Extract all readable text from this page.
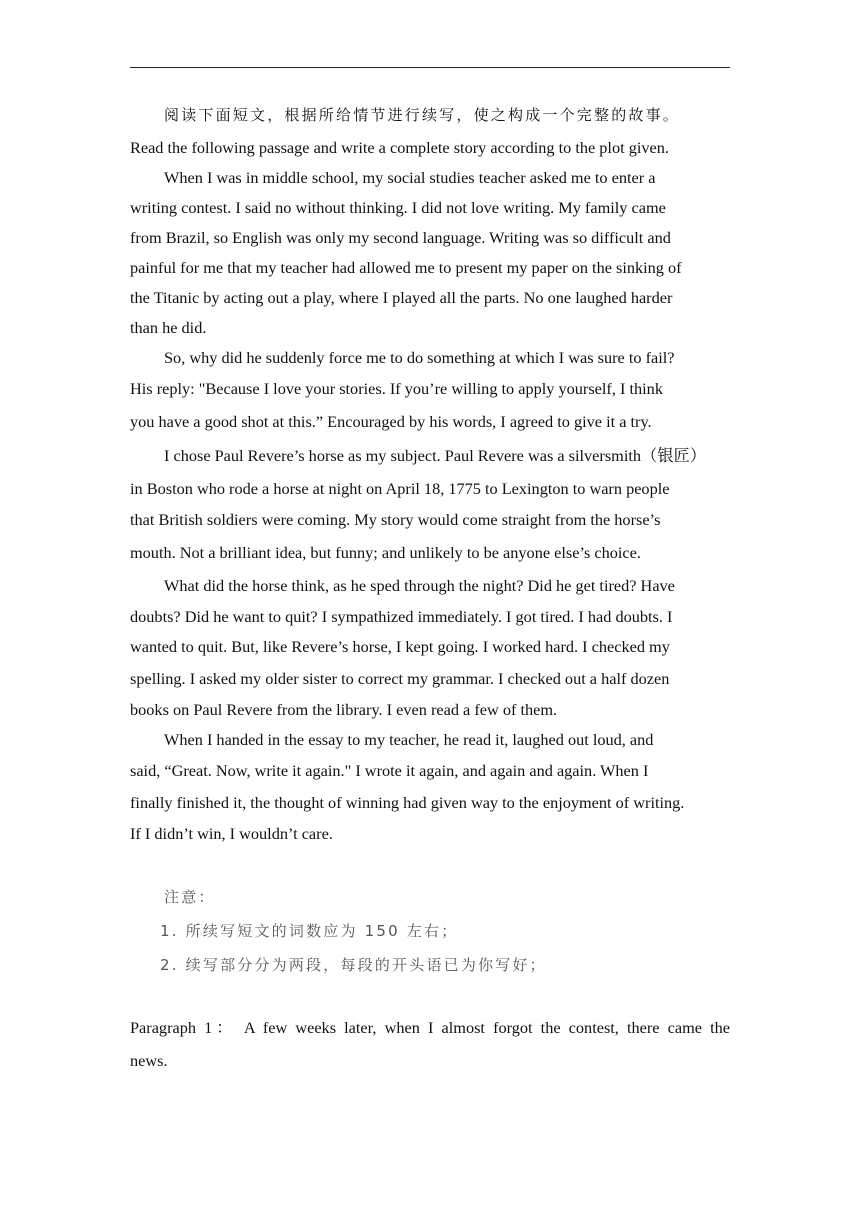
阅读下面短文，根据所给情节进行续写，使之构成一个完整的故事。
Read the following passage and write a complete story according to the plot given.
When I was in middle school, my social studies teacher asked me to enter a
writing contest. I said no without thinking. I did not love writing. My family came
from Brazil, so English was only my second language. Writing was so difficult and
painful for me that my teacher had allowed me to present my paper on the sinking of
the Titanic by acting out a play, where I played all the parts. No one laughed harder
than he did.
So, why did he suddenly force me to do something at which I was sure to fail?
His reply: "Because I love your stories. If you’re willing to apply yourself, I think
you have a good shot at this.” Encouraged by his words, I agreed to give it a try.
I chose Paul Revere’s horse as my subject. Paul Revere was a silversmith（银匠）
in Boston who rode a horse at night on April 18, 1775 to Lexington to warn people
that British soldiers were coming. My story would come straight from the horse’s
mouth. Not a brilliant idea, but funny; and unlikely to be anyone else’s choice.
What did the horse think, as he sped through the night? Did he get tired? Have
doubts? Did he want to quit? I sympathized immediately. I got tired. I had doubts. I
wanted to quit. But, like Revere’s horse, I kept going. I worked hard. I checked my
spelling. I asked my older sister to correct my grammar. I checked out a half dozen
books on Paul Revere from the library. I even read a few of them.
When I handed in the essay to my teacher, he read it, laughed out loud, and
said, “Great. Now, write it again." I wrote it again, and again and again. When I
finally finished it, the thought of winning had given way to the enjoyment of writing.
If I didn’t win, I wouldn’t care.
注意：
1. 所续写短文的词数应为 150 左右；
2. 续写部分分为两段，每段的开头语已为你写好；
Paragraph 1： A few weeks later, when I almost forgot the contest, there came the
news.
